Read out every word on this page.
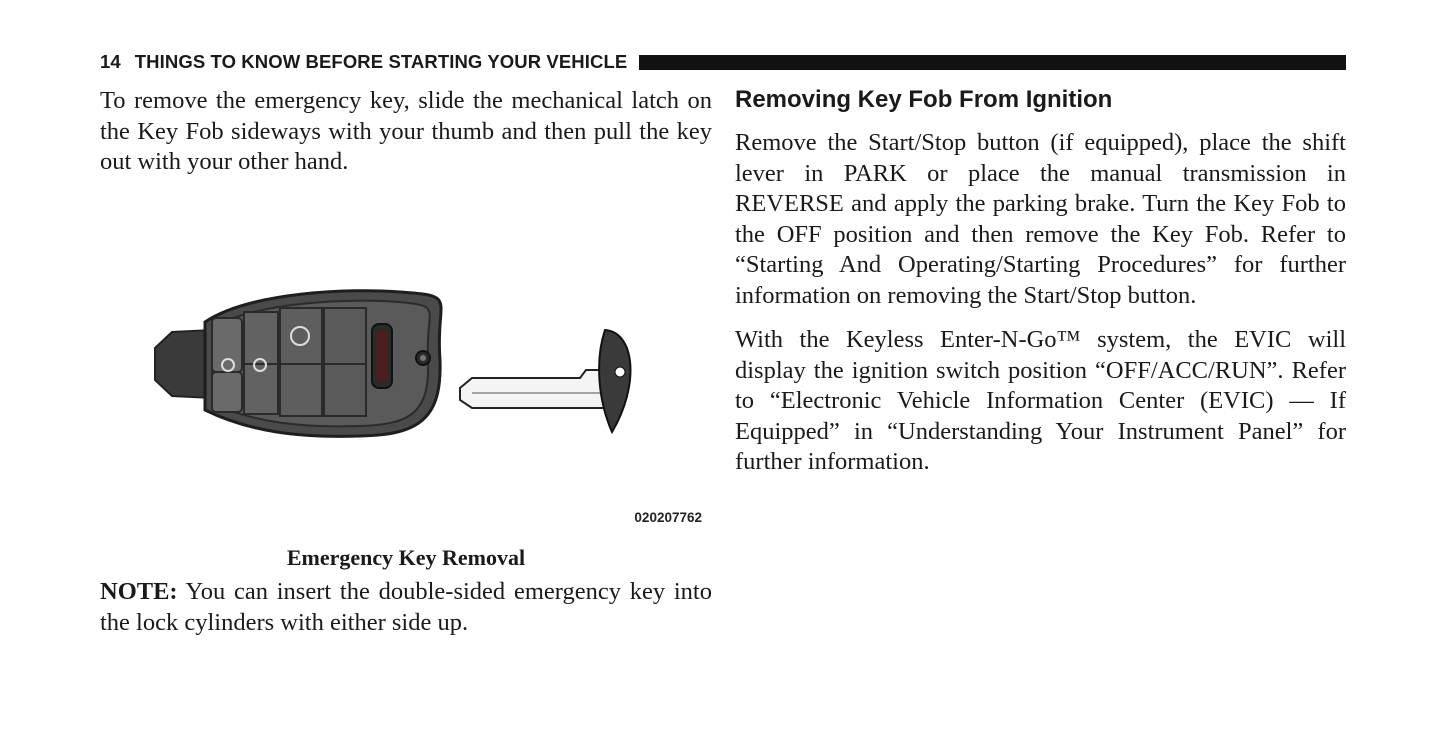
14 THINGS TO KNOW BEFORE STARTING YOUR VEHICLE

To remove the emergency key, slide the mechanical latch on the Key Fob sideways with your thumb and then pull the key out with your other hand.

020207762
Emergency Key Removal

NOTE: You can insert the double-sided emergency key into the lock cylinders with either side up.

Removing Key Fob From Ignition

Remove the Start/Stop button (if equipped), place the shift lever in PARK or place the manual transmission in REVERSE and apply the parking brake. Turn the Key Fob to the OFF position and then remove the Key Fob. Refer to “Starting And Operating/Starting Procedures” for further information on removing the Start/Stop button.

With the Keyless Enter-N-Go™ system, the EVIC will display the ignition switch position “OFF/ACC/RUN”. Refer to “Electronic Vehicle Information Center (EVIC) — If Equipped” in “Understanding Your Instrument Panel” for further information.
